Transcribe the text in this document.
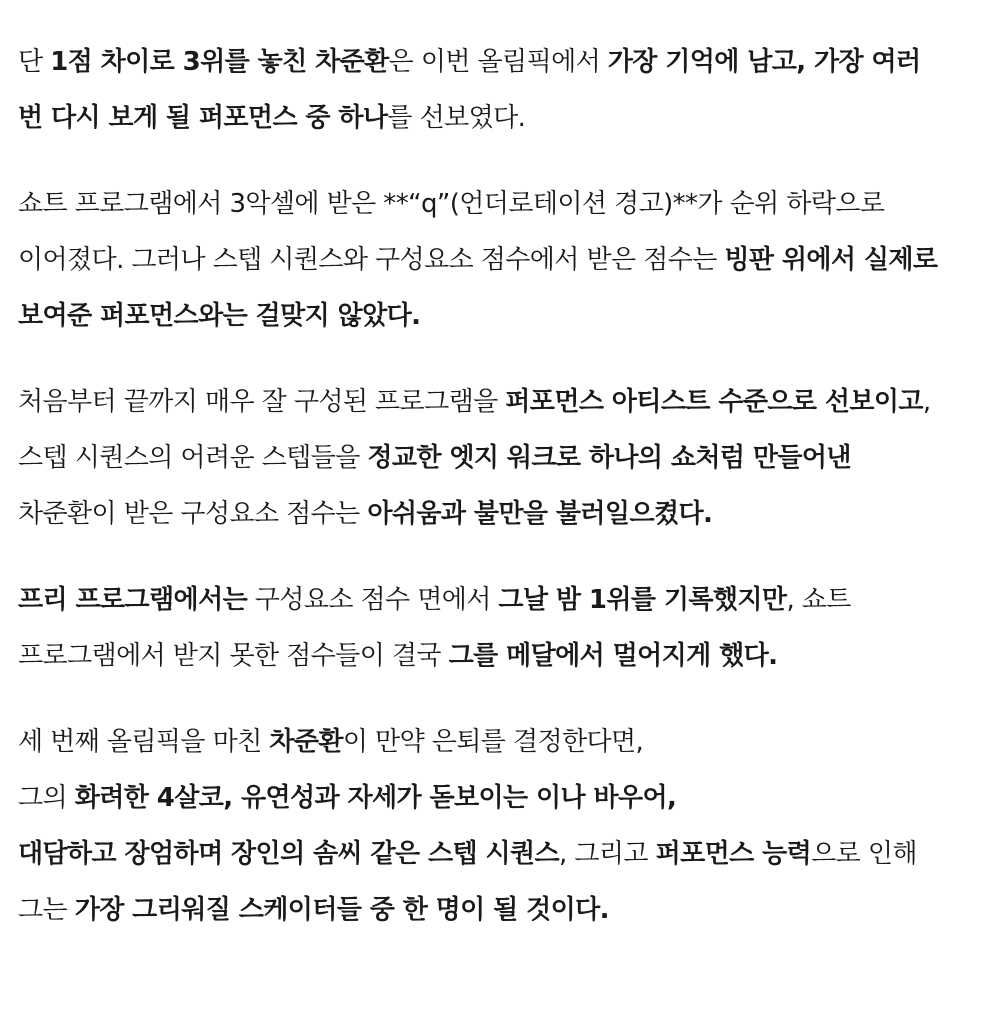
단 1점 차이로 3위를 놓친 차준환은 이번 올림픽에서 가장 기억에 남고, 가장 여러 번 다시 보게 될 퍼포먼스 중 하나를 선보였다.

쇼트 프로그램에서 3악셀에 받은 **“q”(언더로테이션 경고)**가 순위 하락으로 이어졌다. 그러나 스텝 시퀀스와 구성요소 점수에서 받은 점수는 빙판 위에서 실제로 보여준 퍼포먼스와는 걸맞지 않았다.

처음부터 끝까지 매우 잘 구성된 프로그램을 퍼포먼스 아티스트 수준으로 선보이고, 스텝 시퀀스의 어려운 스텝들을 정교한 엣지 워크로 하나의 쇼처럼 만들어낸 차준환이 받은 구성요소 점수는 아쉬움과 불만을 불러일으켰다.

프리 프로그램에서는 구성요소 점수 면에서 그날 밤 1위를 기록했지만, 쇼트 프로그램에서 받지 못한 점수들이 결국 그를 메달에서 멀어지게 했다.

세 번째 올림픽을 마친 차준환이 만약 은퇴를 결정한다면,
그의 화려한 4살코, 유연성과 자세가 돋보이는 이나 바우어,
대담하고 장엄하며 장인의 솜씨 같은 스텝 시퀀스, 그리고 퍼포먼스 능력으로 인해
그는 가장 그리워질 스케이터들 중 한 명이 될 것이다.
